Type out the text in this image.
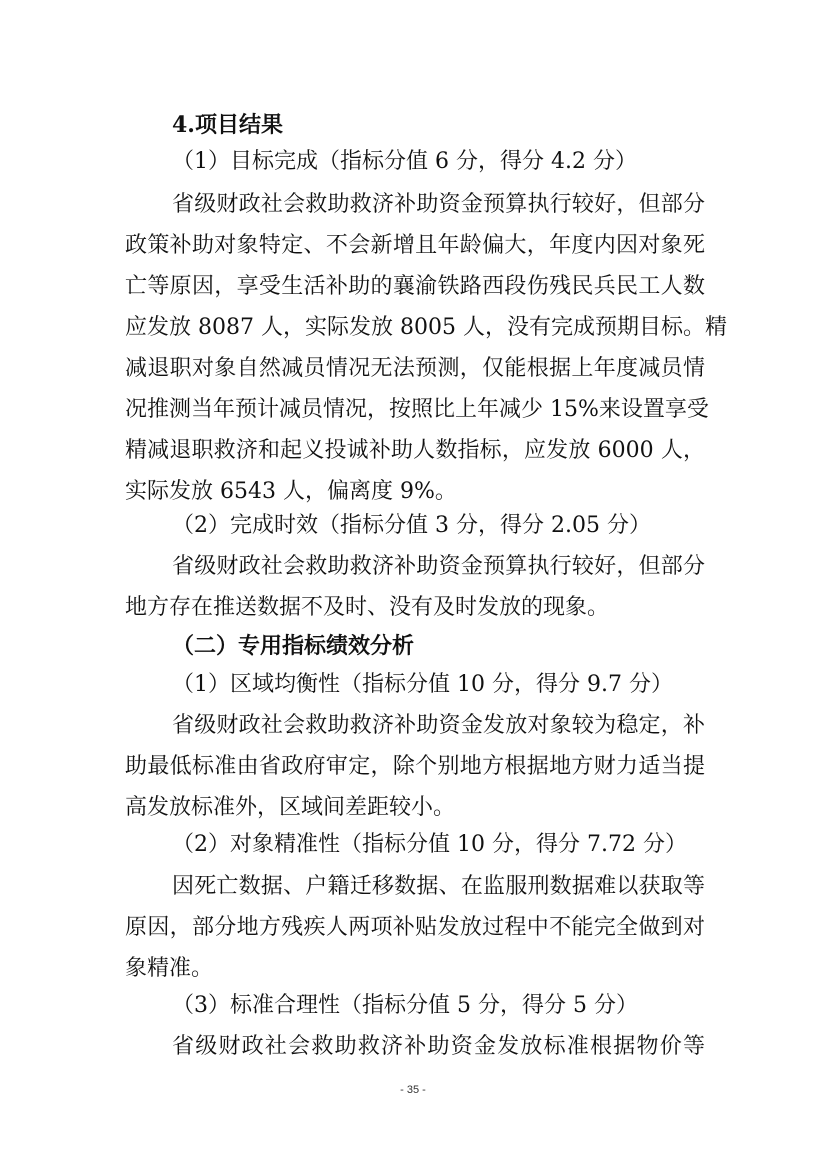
4.项目结果
（1）目标完成（指标分值 6 分，得分 4.2 分）
省级财政社会救助救济补助资金预算执行较好，但部分
政策补助对象特定、不会新增且年龄偏大，年度内因对象死
亡等原因，享受生活补助的襄渝铁路西段伤残民兵民工人数
应发放 8087 人，实际发放 8005 人，没有完成预期目标。精
减退职对象自然减员情况无法预测，仅能根据上年度减员情
况推测当年预计减员情况，按照比上年减少 15%来设置享受
精减退职救济和起义投诚补助人数指标，应发放 6000 人，
实际发放 6543 人，偏离度 9%。
（2）完成时效（指标分值 3 分，得分 2.05 分）
省级财政社会救助救济补助资金预算执行较好，但部分
地方存在推送数据不及时、没有及时发放的现象。
（二）专用指标绩效分析
（1）区域均衡性（指标分值 10 分，得分 9.7 分）
省级财政社会救助救济补助资金发放对象较为稳定，补
助最低标准由省政府审定，除个别地方根据地方财力适当提
高发放标准外，区域间差距较小。
（2）对象精准性（指标分值 10 分，得分 7.72 分）
因死亡数据、户籍迁移数据、在监服刑数据难以获取等
原因，部分地方残疾人两项补贴发放过程中不能完全做到对
象精准。
（3）标准合理性（指标分值 5 分，得分 5 分）
省级财政社会救助救济补助资金发放标准根据物价等
- 35 -
